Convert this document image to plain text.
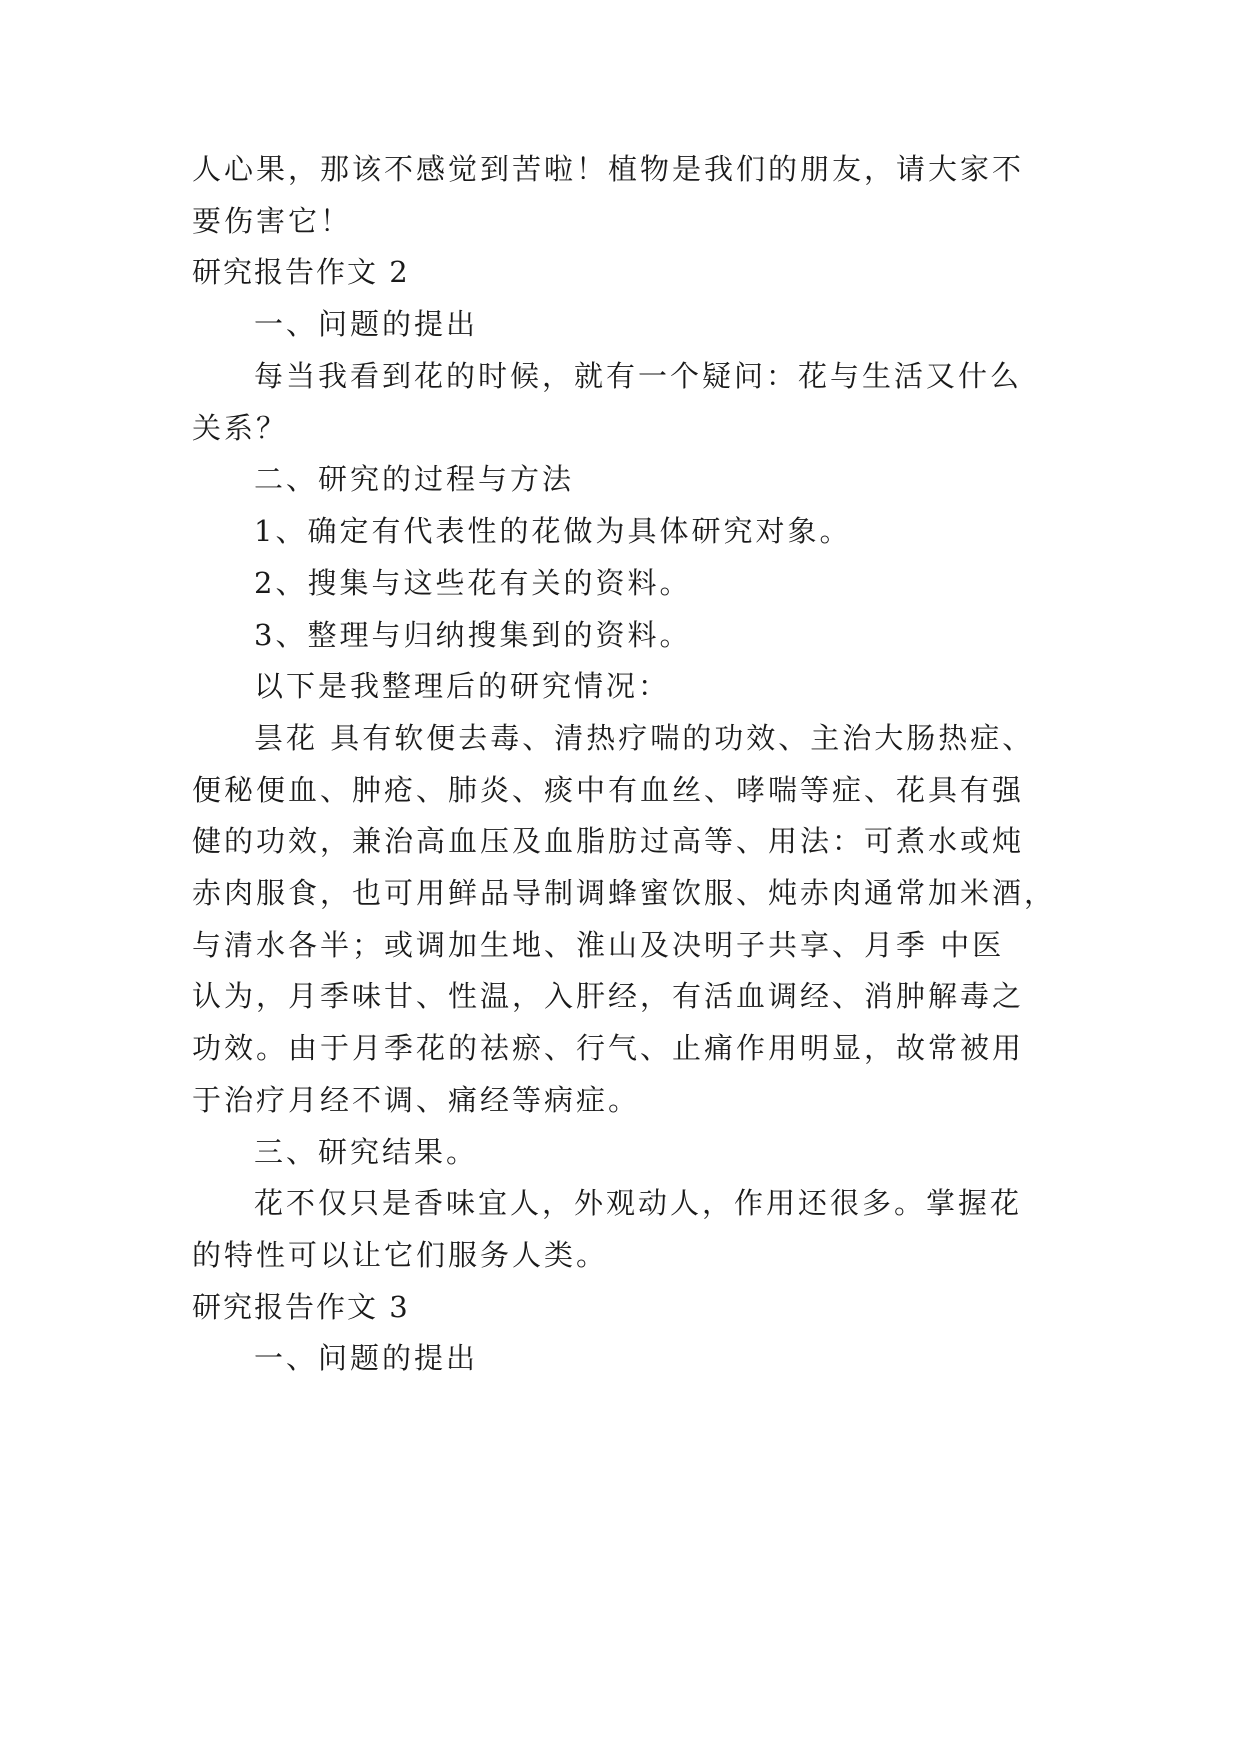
人心果，那该不感觉到苦啦！植物是我们的朋友，请大家不
要伤害它！
研究报告作文 2
一、问题的提出
每当我看到花的时候，就有一个疑问：花与生活又什么
关系？
二、研究的过程与方法
1、确定有代表性的花做为具体研究对象。
2、搜集与这些花有关的资料。
3、整理与归纳搜集到的资料。
以下是我整理后的研究情况：
昙花 具有软便去毒、清热疗喘的功效、主治大肠热症、
便秘便血、肿疮、肺炎、痰中有血丝、哮喘等症、花具有强
健的功效，兼治高血压及血脂肪过高等、用法：可煮水或炖
赤肉服食，也可用鲜品导制调蜂蜜饮服、炖赤肉通常加米酒，
与清水各半；或调加生地、淮山及决明子共享、月季 中医
认为，月季味甘、性温，入肝经，有活血调经、消肿解毒之
功效。由于月季花的祛瘀、行气、止痛作用明显，故常被用
于治疗月经不调、痛经等病症。
三、研究结果。
花不仅只是香味宜人，外观动人，作用还很多。掌握花
的特性可以让它们服务人类。
研究报告作文 3
一、问题的提出
